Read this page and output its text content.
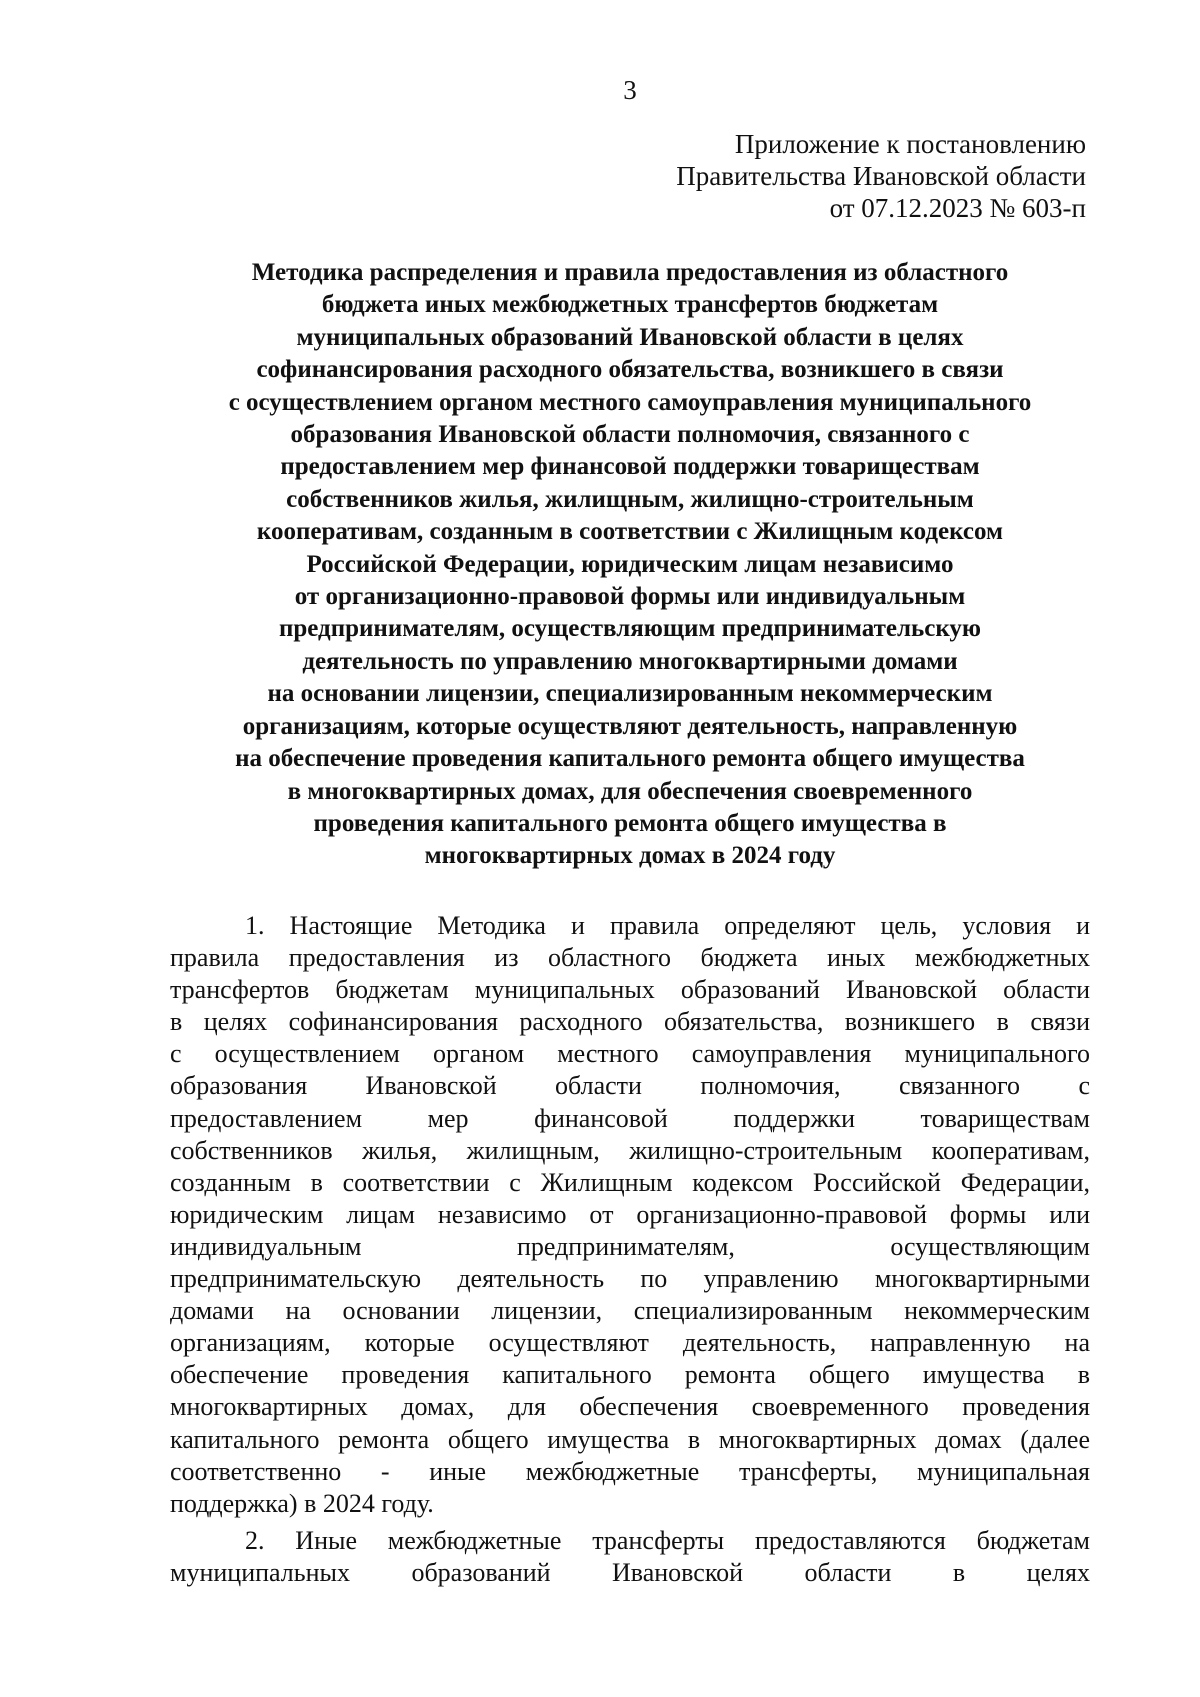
3
Приложение к постановлению
Правительства Ивановской области
от 07.12.2023 № 603-п
Методика распределения и правила предоставления из областного
бюджета иных межбюджетных трансфертов бюджетам
муниципальных образований Ивановской области в целях
софинансирования расходного обязательства, возникшего в связи
с осуществлением органом местного самоуправления муниципального
образования Ивановской области полномочия, связанного с
предоставлением мер финансовой поддержки товариществам
собственников жилья, жилищным, жилищно-строительным
кооперативам, созданным в соответствии с Жилищным кодексом
Российской Федерации, юридическим лицам независимо
от организационно-правовой формы или индивидуальным
предпринимателям, осуществляющим предпринимательскую
деятельность по управлению многоквартирными домами
на основании лицензии, специализированным некоммерческим
организациям, которые осуществляют деятельность, направленную
на обеспечение проведения капитального ремонта общего имущества
в многоквартирных домах, для обеспечения своевременного
проведения капитального ремонта общего имущества в
многоквартирных домах в 2024 году
1. Настоящие Методика и правила определяют цель, условия и
правила предоставления из областного бюджета иных межбюджетных
трансфертов бюджетам муниципальных образований Ивановской области
в целях софинансирования расходного обязательства, возникшего в связи
с осуществлением органом местного самоуправления муниципального
образования Ивановской области полномочия, связанного с
предоставлением мер финансовой поддержки товариществам
собственников жилья, жилищным, жилищно-строительным кооперативам,
созданным в соответствии с Жилищным кодексом Российской Федерации,
юридическим лицам независимо от организационно-правовой формы или
индивидуальным предпринимателям, осуществляющим
предпринимательскую деятельность по управлению многоквартирными
домами на основании лицензии, специализированным некоммерческим
организациям, которые осуществляют деятельность, направленную на
обеспечение проведения капитального ремонта общего имущества в
многоквартирных домах, для обеспечения своевременного проведения
капитального ремонта общего имущества в многоквартирных домах (далее
соответственно - иные межбюджетные трансферты, муниципальная
поддержка) в 2024 году.
2. Иные межбюджетные трансферты предоставляются бюджетам
муниципальных образований Ивановской области в целях
